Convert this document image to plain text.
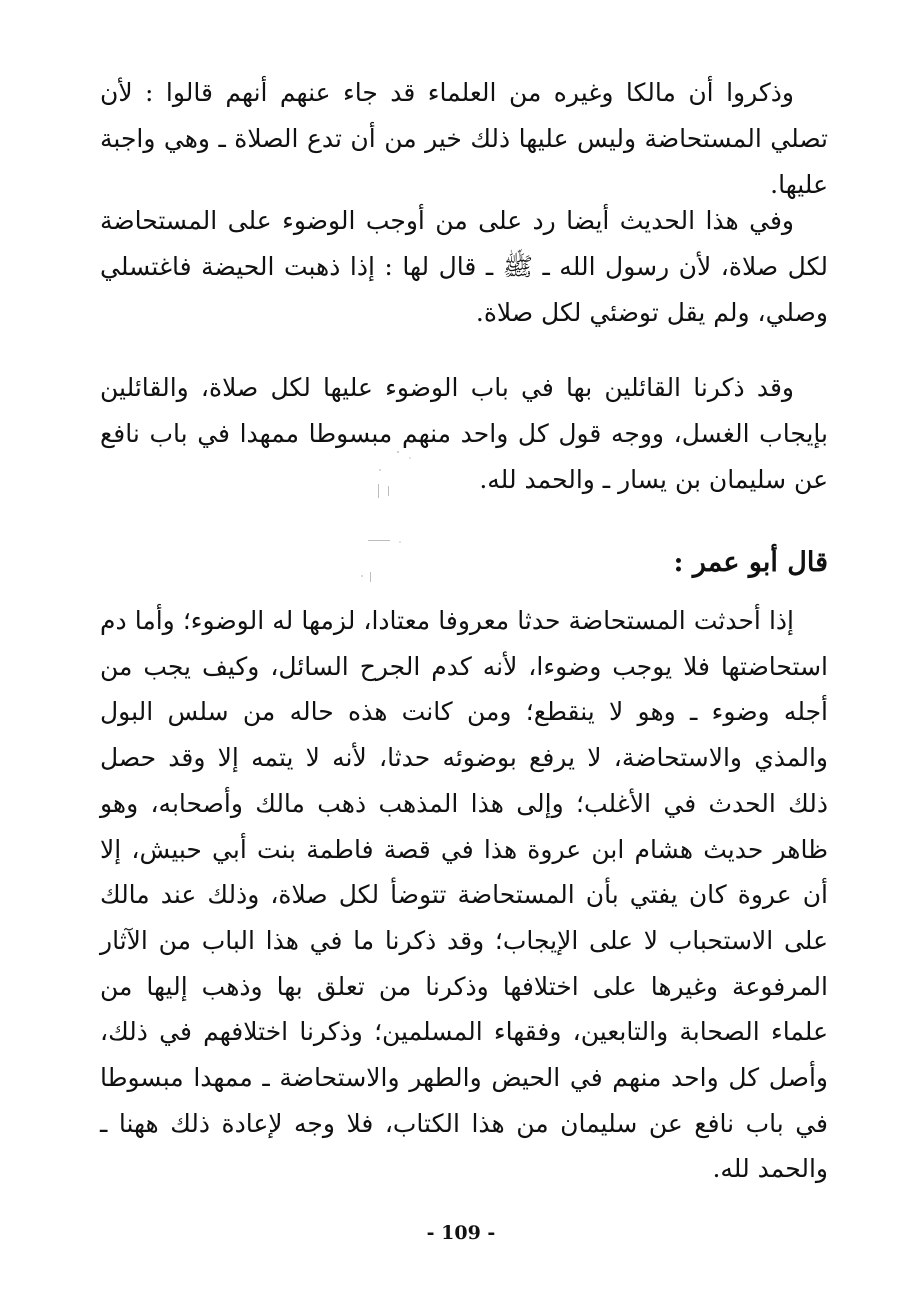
وذكروا أن مالكا وغيره من العلماء قد جاء عنهم أنهم قالوا : لأن تصلي المستحاضة وليس عليها ذلك خير من أن تدع الصلاة ـ وهي واجبة عليها.
وفي هذا الحديث أيضا رد على من أوجب الوضوء على المستحاضة لكل صلاة، لأن رسول الله ـ ﷺ ـ قال لها : إذا ذهبت الحيضة فاغتسلي وصلي، ولم يقل توضئي لكل صلاة.
وقد ذكرنا القائلين بها في باب الوضوء عليها لكل صلاة، والقائلين بإيجاب الغسل، ووجه قول كل واحد منهم مبسوطا ممهدا في باب نافع عن سليمان بن يسار ـ والحمد لله.
قال أبو عمر :
إذا أحدثت المستحاضة حدثا معروفا معتادا، لزمها له الوضوء؛ وأما دم استحاضتها فلا يوجب وضوءا، لأنه كدم الجرح السائل، وكيف يجب من أجله وضوء ـ وهو لا ينقطع؛ ومن كانت هذه حاله من سلس البول والمذي والاستحاضة، لا يرفع بوضوئه حدثا، لأنه لا يتمه إلا وقد حصل ذلك الحدث في الأغلب؛ وإلى هذا المذهب ذهب مالك وأصحابه، وهو ظاهر حديث هشام ابن عروة هذا في قصة فاطمة بنت أبي حبيش، إلا أن عروة كان يفتي بأن المستحاضة تتوضأ لكل صلاة، وذلك عند مالك على الاستحباب لا على الإيجاب؛ وقد ذكرنا ما في هذا الباب من الآثار المرفوعة وغيرها على اختلافها وذكرنا من تعلق بها وذهب إليها من علماء الصحابة والتابعين، وفقهاء المسلمين؛ وذكرنا اختلافهم في ذلك، وأصل كل واحد منهم في الحيض والطهر والاستحاضة ـ ممهدا مبسوطا في باب نافع عن سليمان من هذا الكتاب، فلا وجه لإعادة ذلك ههنا ـ والحمد لله.
- 109 -
